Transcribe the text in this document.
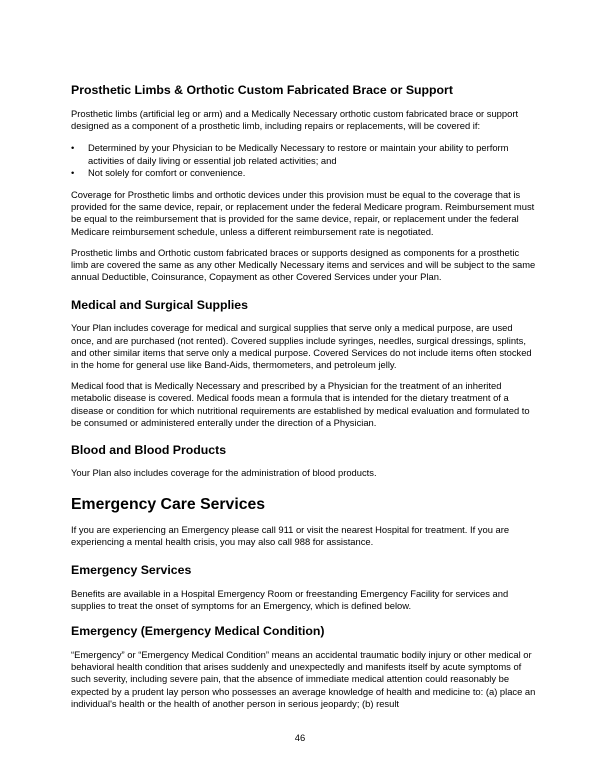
Prosthetic Limbs & Orthotic Custom Fabricated Brace or Support

Prosthetic limbs (artificial leg or arm) and a Medically Necessary orthotic custom fabricated brace or support designed as a component of a prosthetic limb, including repairs or replacements, will be covered if:

• Determined by your Physician to be Medically Necessary to restore or maintain your ability to perform activities of daily living or essential job related activities; and
• Not solely for comfort or convenience.

Coverage for Prosthetic limbs and orthotic devices under this provision must be equal to the coverage that is provided for the same device, repair, or replacement under the federal Medicare program. Reimbursement must be equal to the reimbursement that is provided for the same device, repair, or replacement under the federal Medicare reimbursement schedule, unless a different reimbursement rate is negotiated.

Prosthetic limbs and Orthotic custom fabricated braces or supports designed as components for a prosthetic limb are covered the same as any other Medically Necessary items and services and will be subject to the same annual Deductible, Coinsurance, Copayment as other Covered Services under your Plan.

Medical and Surgical Supplies

Your Plan includes coverage for medical and surgical supplies that serve only a medical purpose, are used once, and are purchased (not rented). Covered supplies include syringes, needles, surgical dressings, splints, and other similar items that serve only a medical purpose. Covered Services do not include items often stocked in the home for general use like Band-Aids, thermometers, and petroleum jelly.

Medical food that is Medically Necessary and prescribed by a Physician for the treatment of an inherited metabolic disease is covered. Medical foods mean a formula that is intended for the dietary treatment of a disease or condition for which nutritional requirements are established by medical evaluation and formulated to be consumed or administered enterally under the direction of a Physician.

Blood and Blood Products

Your Plan also includes coverage for the administration of blood products.

Emergency Care Services

If you are experiencing an Emergency please call 911 or visit the nearest Hospital for treatment. If you are experiencing a mental health crisis, you may also call 988 for assistance.

Emergency Services

Benefits are available in a Hospital Emergency Room or freestanding Emergency Facility for services and supplies to treat the onset of symptoms for an Emergency, which is defined below.

Emergency (Emergency Medical Condition)

“Emergency” or “Emergency Medical Condition” means an accidental traumatic bodily injury or other medical or behavioral health condition that arises suddenly and unexpectedly and manifests itself by acute symptoms of such severity, including severe pain, that the absence of immediate medical attention could reasonably be expected by a prudent lay person who possesses an average knowledge of health and medicine to: (a) place an individual's health or the health of another person in serious jeopardy; (b) result

46
